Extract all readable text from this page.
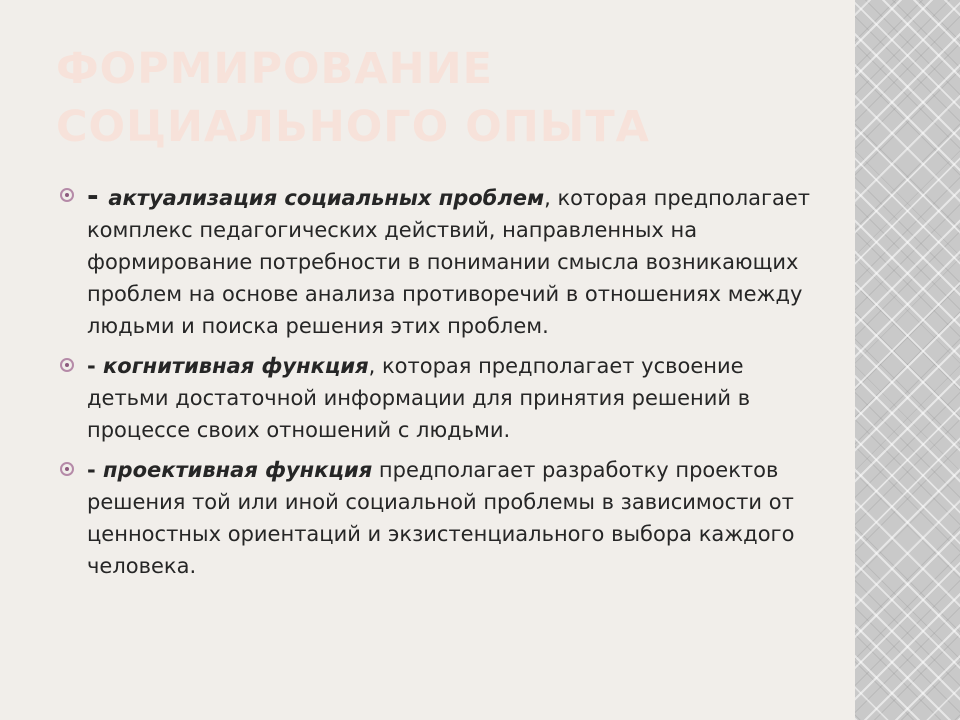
ФОРМИРОВАНИЕ
СОЦИАЛЬНОГО ОПЫТА
- актуализация социальных проблем, которая предполагает комплекс педагогических действий, направленных на формирование потребности в понимании смысла возникающих проблем на основе анализа противоречий в отношениях между людьми и поиска решения этих проблем.
- когнитивная функция, которая предполагает усвоение детьми достаточной информации для принятия решений в процессе своих отношений с людьми.
- проективная функция предполагает разработку проектов решения той или иной социальной проблемы в зависимости от ценностных ориентаций и экзистенциального выбора каждого человека.
